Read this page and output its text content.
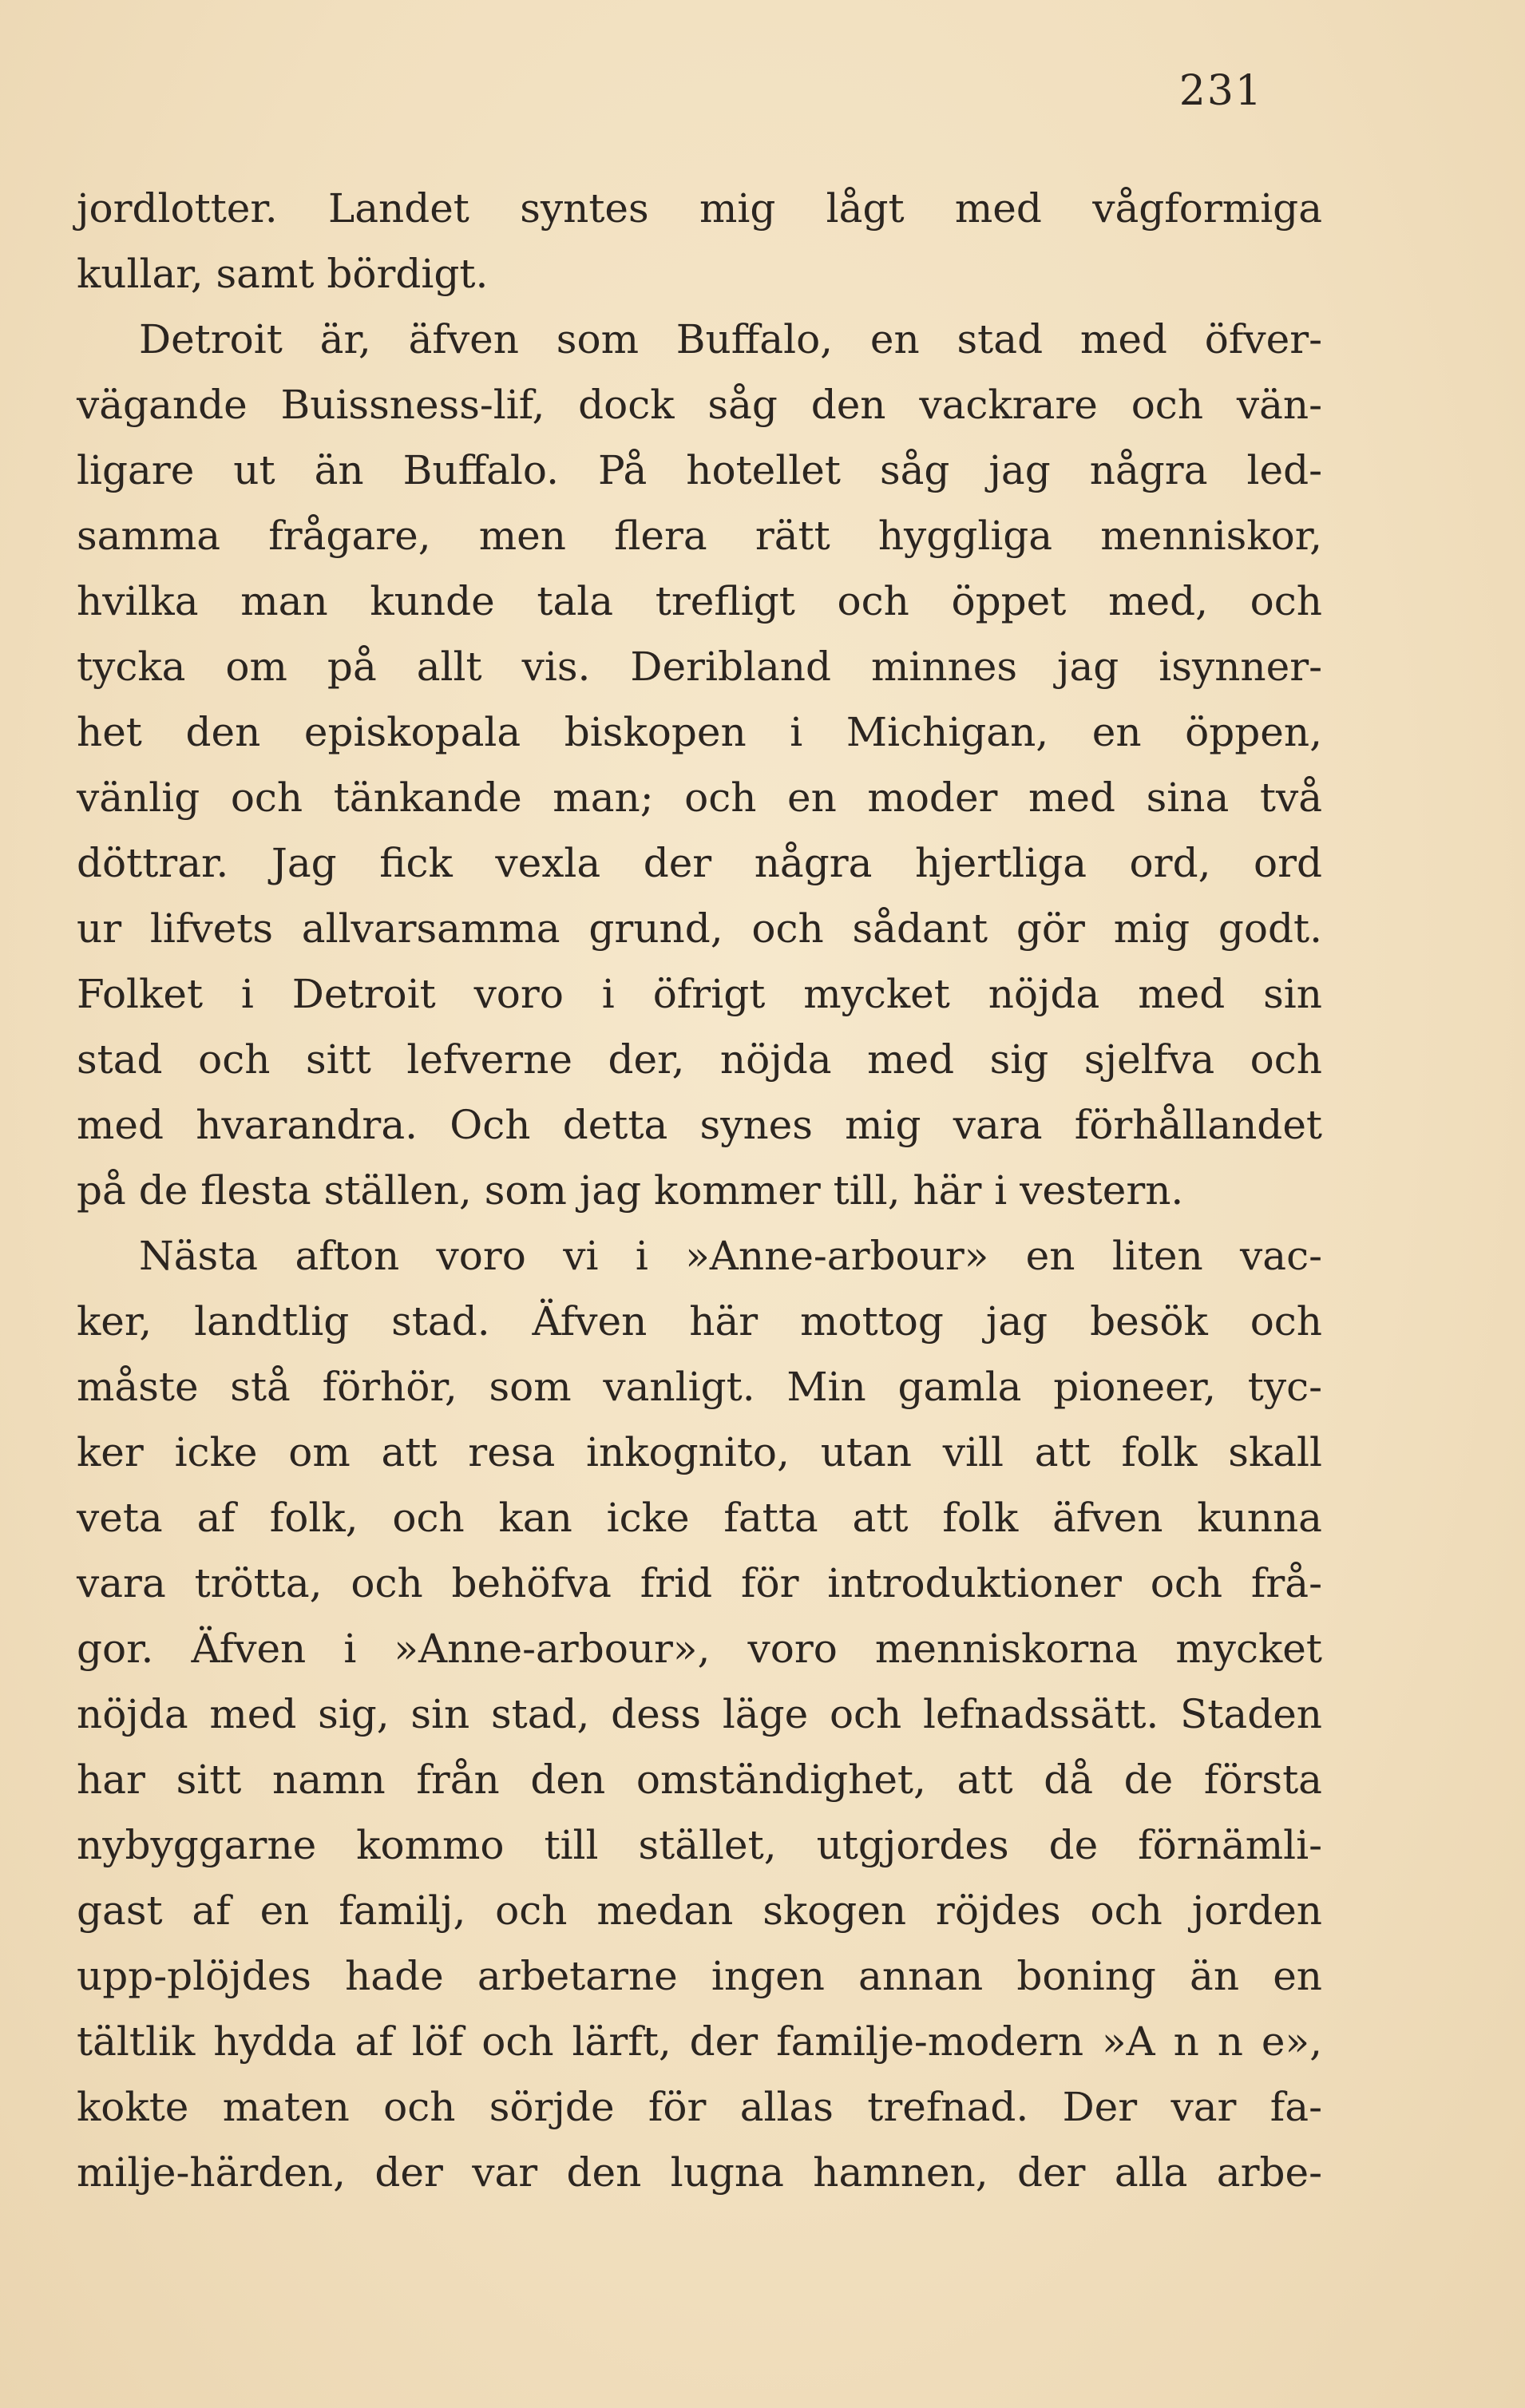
231
jordlotter. Landet syntes mig lågt med vågformiga
kullar, samt bördigt.
Detroit är, äfven som Buffalo, en stad med öfver-
vägande Buissness-lif, dock såg den vackrare och vän-
ligare ut än Buffalo. På hotellet såg jag några led-
samma frågare, men flera rätt hyggliga menniskor,
hvilka man kunde tala trefligt och öppet med, och
tycka om på allt vis. Deribland minnes jag isynner-
het den episkopala biskopen i Michigan, en öppen,
vänlig och tänkande man; och en moder med sina två
döttrar. Jag fick vexla der några hjertliga ord, ord
ur lifvets allvarsamma grund, och sådant gör mig godt.
Folket i Detroit voro i öfrigt mycket nöjda med sin
stad och sitt lefverne der, nöjda med sig sjelfva och
med hvarandra. Och detta synes mig vara förhållandet
på de flesta ställen, som jag kommer till, här i vestern.
Nästa afton voro vi i »Anne-arbour» en liten vac-
ker, landtlig stad. Äfven här mottog jag besök och
måste stå förhör, som vanligt. Min gamla pioneer, tyc-
ker icke om att resa inkognito, utan vill att folk skall
veta af folk, och kan icke fatta att folk äfven kunna
vara trötta, och behöfva frid för introduktioner och frå-
gor. Äfven i »Anne-arbour», voro menniskorna mycket
nöjda med sig, sin stad, dess läge och lefnadssätt. Staden
har sitt namn från den omständighet, att då de första
nybyggarne kommo till stället, utgjordes de förnämli-
gast af en familj, och medan skogen röjdes och jorden
upp-plöjdes hade arbetarne ingen annan boning än en
tältlik hydda af löf och lärft, der familje-modern »A n n e»,
kokte maten och sörjde för allas trefnad. Der var fa-
milje-härden, der var den lugna hamnen, der alla arbe-
